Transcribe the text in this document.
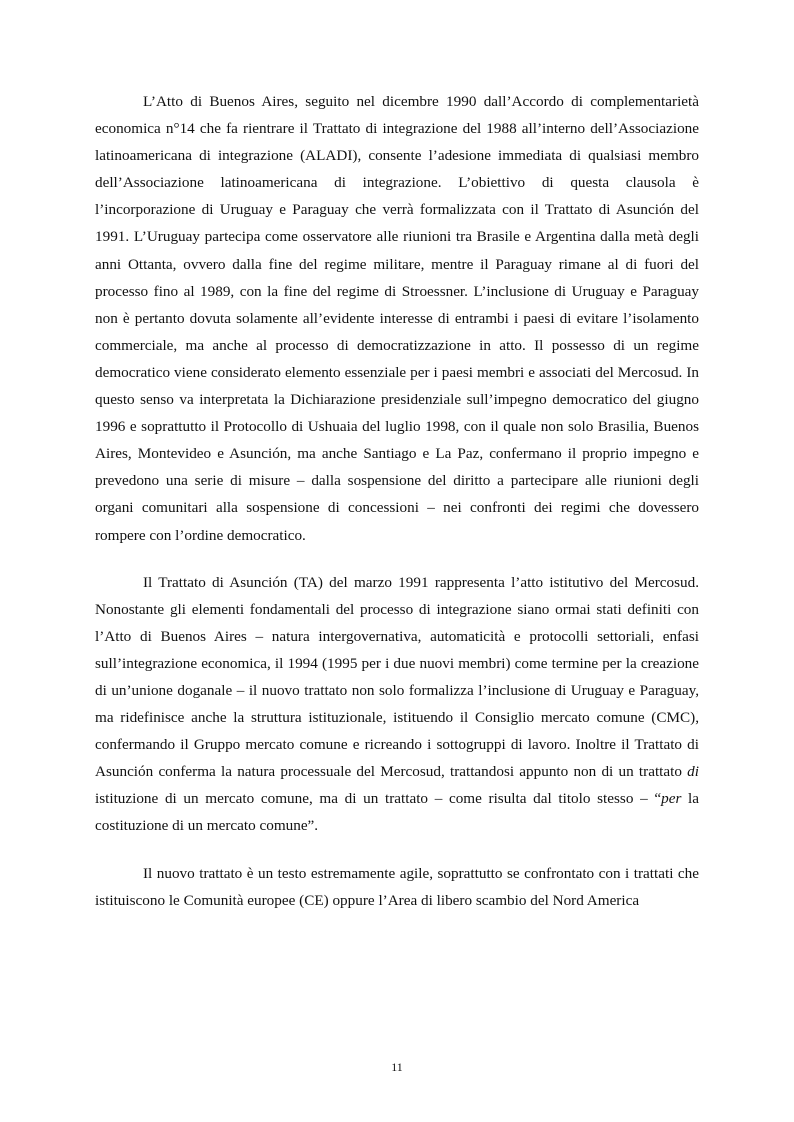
L’Atto di Buenos Aires, seguito nel dicembre 1990 dall’Accordo di complementarietà economica n°14 che fa rientrare il Trattato di integrazione del 1988 all’interno dell’Associazione latinoamericana di integrazione (ALADI), consente l’adesione immediata di qualsiasi membro dell’Associazione latinoamericana di integrazione. L’obiettivo di questa clausola è l’incorporazione di Uruguay e Paraguay che verrà formalizzata con il Trattato di Asunción del 1991. L’Uruguay partecipa come osservatore alle riunioni tra Brasile e Argentina dalla metà degli anni Ottanta, ovvero dalla fine del regime militare, mentre il Paraguay rimane al di fuori del processo fino al 1989, con la fine del regime di Stroessner. L’inclusione di Uruguay e Paraguay non è pertanto dovuta solamente all’evidente interesse di entrambi i paesi di evitare l’isolamento commerciale, ma anche al processo di democratizzazione in atto. Il possesso di un regime democratico viene considerato elemento essenziale per i paesi membri e associati del Mercosud. In questo senso va interpretata la Dichiarazione presidenziale sull’impegno democratico del giugno 1996 e soprattutto il Protocollo di Ushuaia del luglio 1998, con il quale non solo Brasilia, Buenos Aires, Montevideo e Asunción, ma anche Santiago e La Paz, confermano il proprio impegno e prevedono una serie di misure – dalla sospensione del diritto a partecipare alle riunioni degli organi comunitari alla sospensione di concessioni – nei confronti dei regimi che dovessero rompere con l’ordine democratico.

Il Trattato di Asunción (TA) del marzo 1991 rappresenta l’atto istitutivo del Mercosud. Nonostante gli elementi fondamentali del processo di integrazione siano ormai stati definiti con l’Atto di Buenos Aires – natura intergovernativa, automaticità e protocolli settoriali, enfasi sull’integrazione economica, il 1994 (1995 per i due nuovi membri) come termine per la creazione di un’unione doganale – il nuovo trattato non solo formalizza l’inclusione di Uruguay e Paraguay, ma ridefinisce anche la struttura istituzionale, istituendo il Consiglio mercato comune (CMC), confermando il Gruppo mercato comune e ricreando i sottogruppi di lavoro. Inoltre il Trattato di Asunción conferma la natura processuale del Mercosud, trattandosi appunto non di un trattato di istituzione di un mercato comune, ma di un trattato – come risulta dal titolo stesso – “per la costituzione di un mercato comune”.

Il nuovo trattato è un testo estremamente agile, soprattutto se confrontato con i trattati che istituiscono le Comunità europee (CE) oppure l’Area di libero scambio del Nord America

11
